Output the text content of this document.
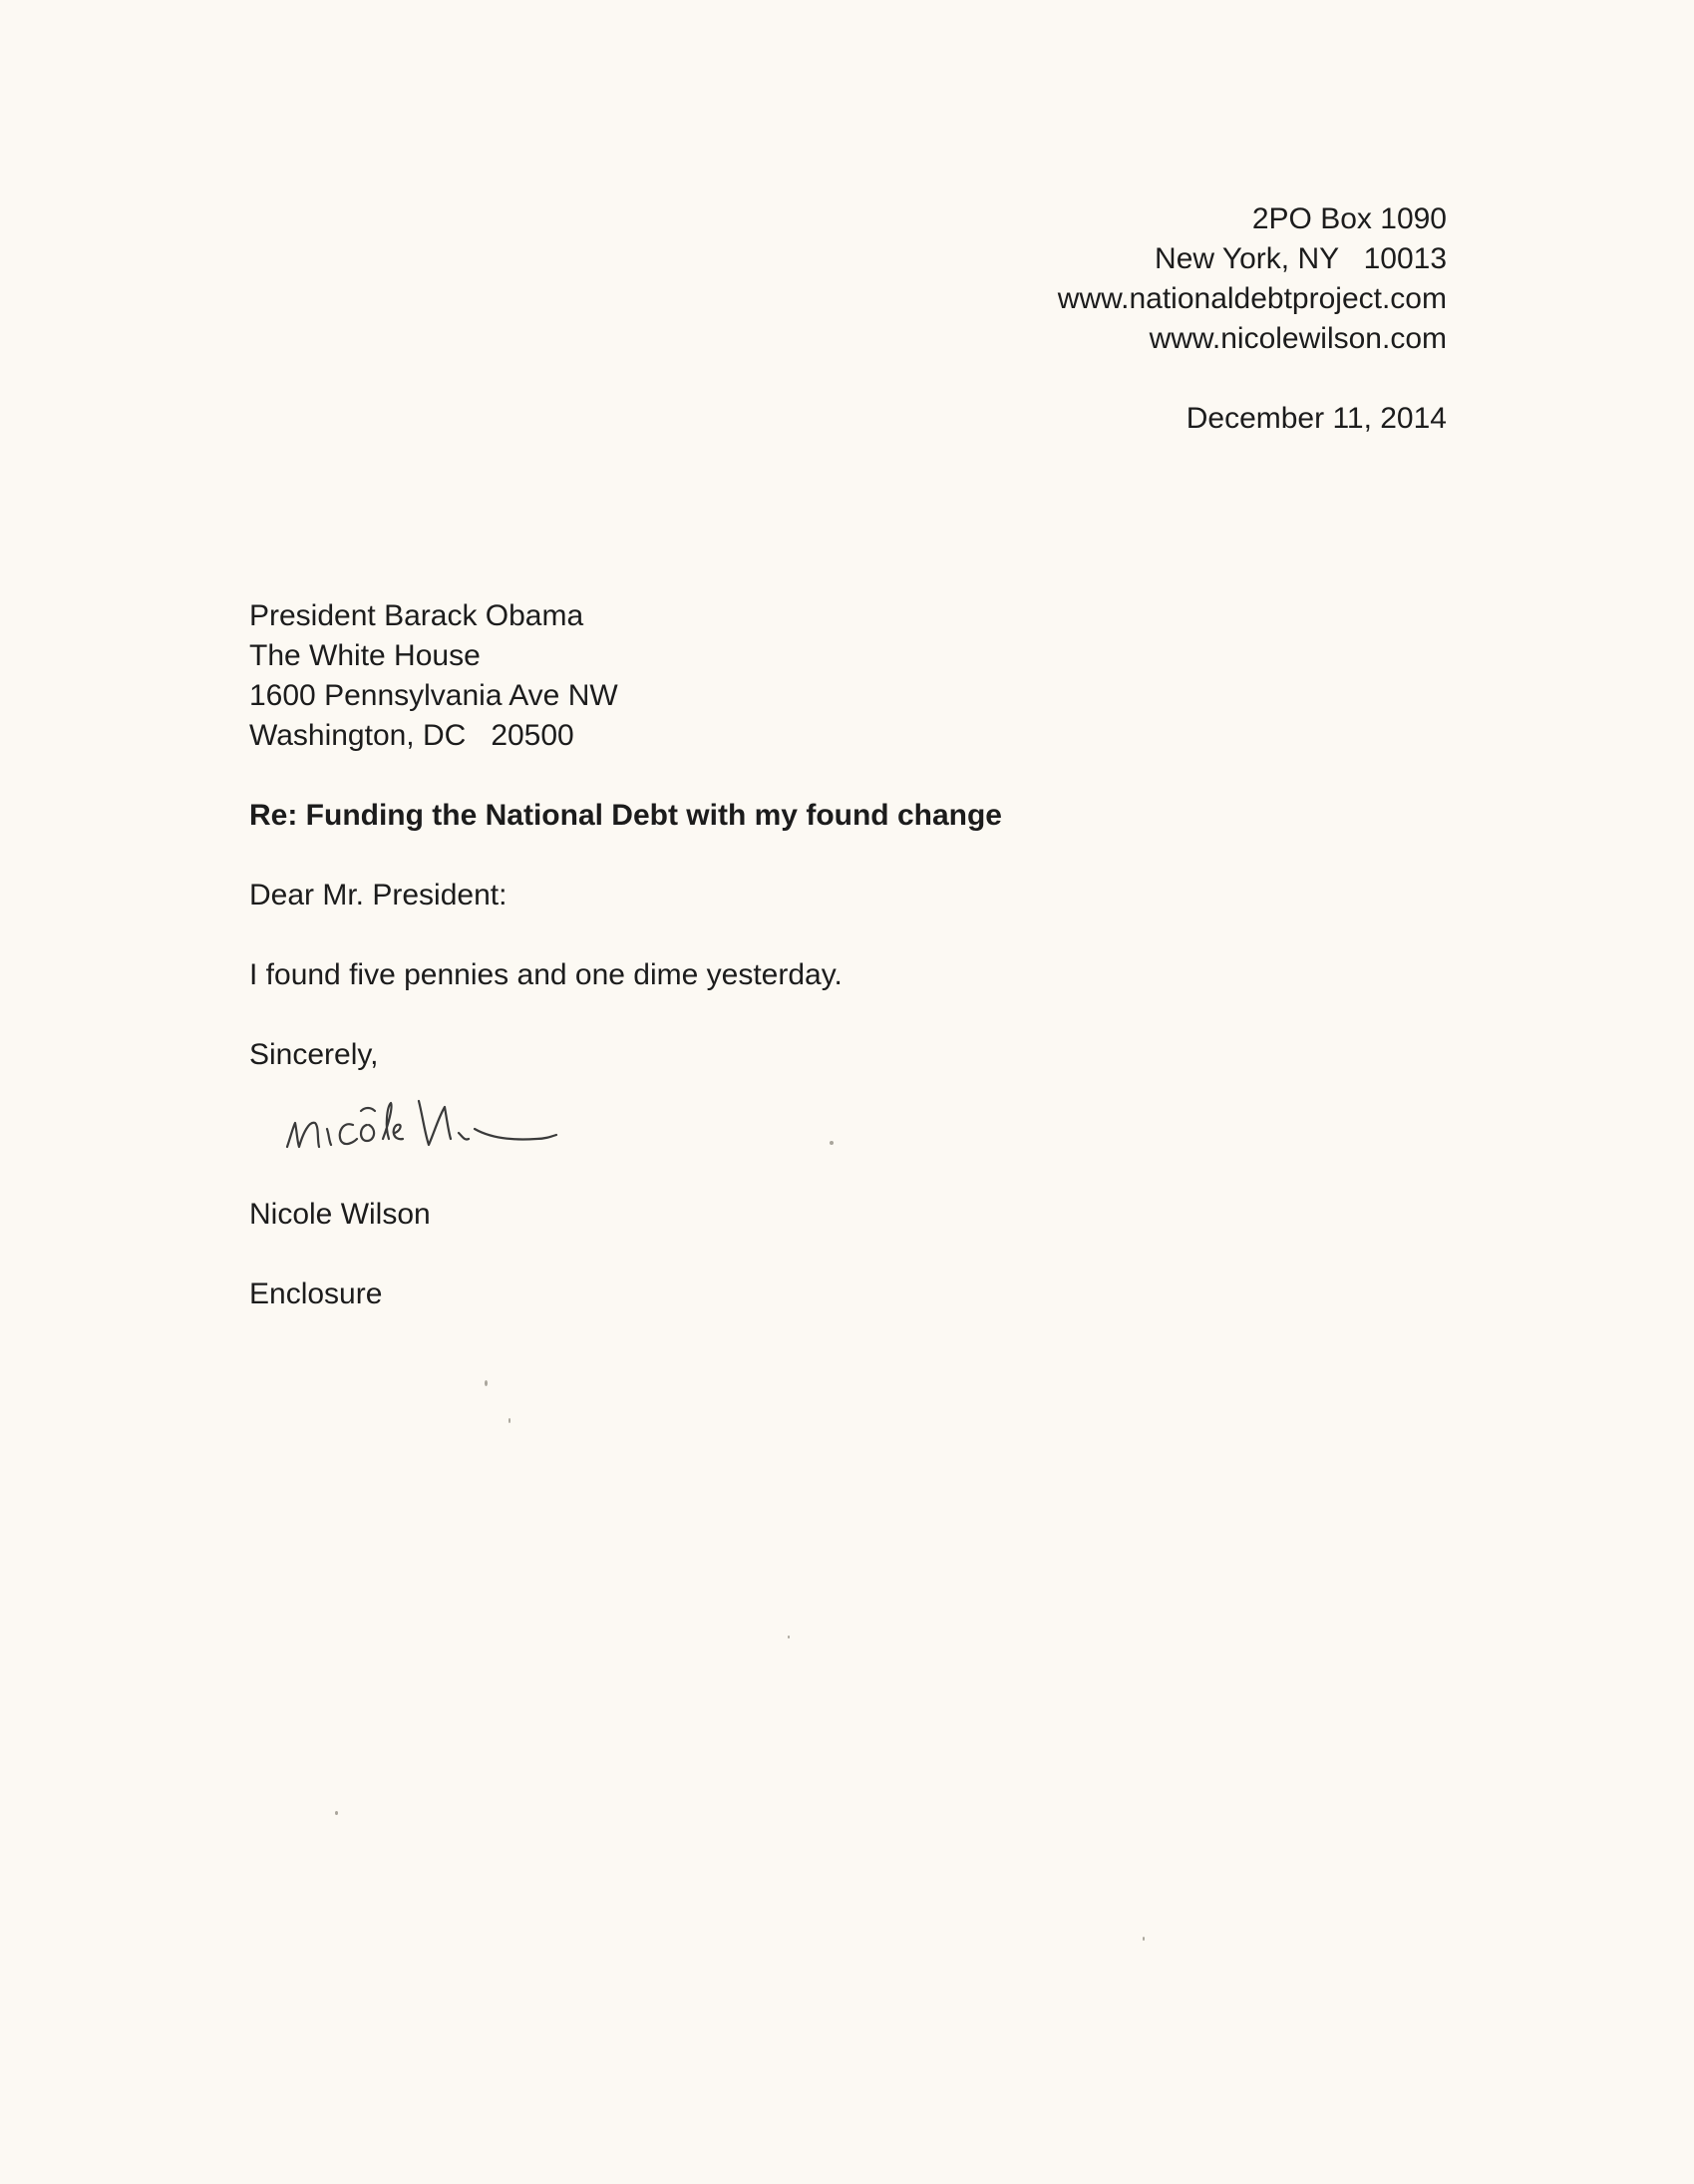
2PO Box 1090
New York, NY   10013
www.nationaldebtproject.com
www.nicolewilson.com
December 11, 2014
President Barack Obama
The White House
1600 Pennsylvania Ave NW
Washington, DC   20500
Re: Funding the National Debt with my found change
Dear Mr. President:
I found five pennies and one dime yesterday.
Sincerely,
Nicole Wilson
Enclosure
